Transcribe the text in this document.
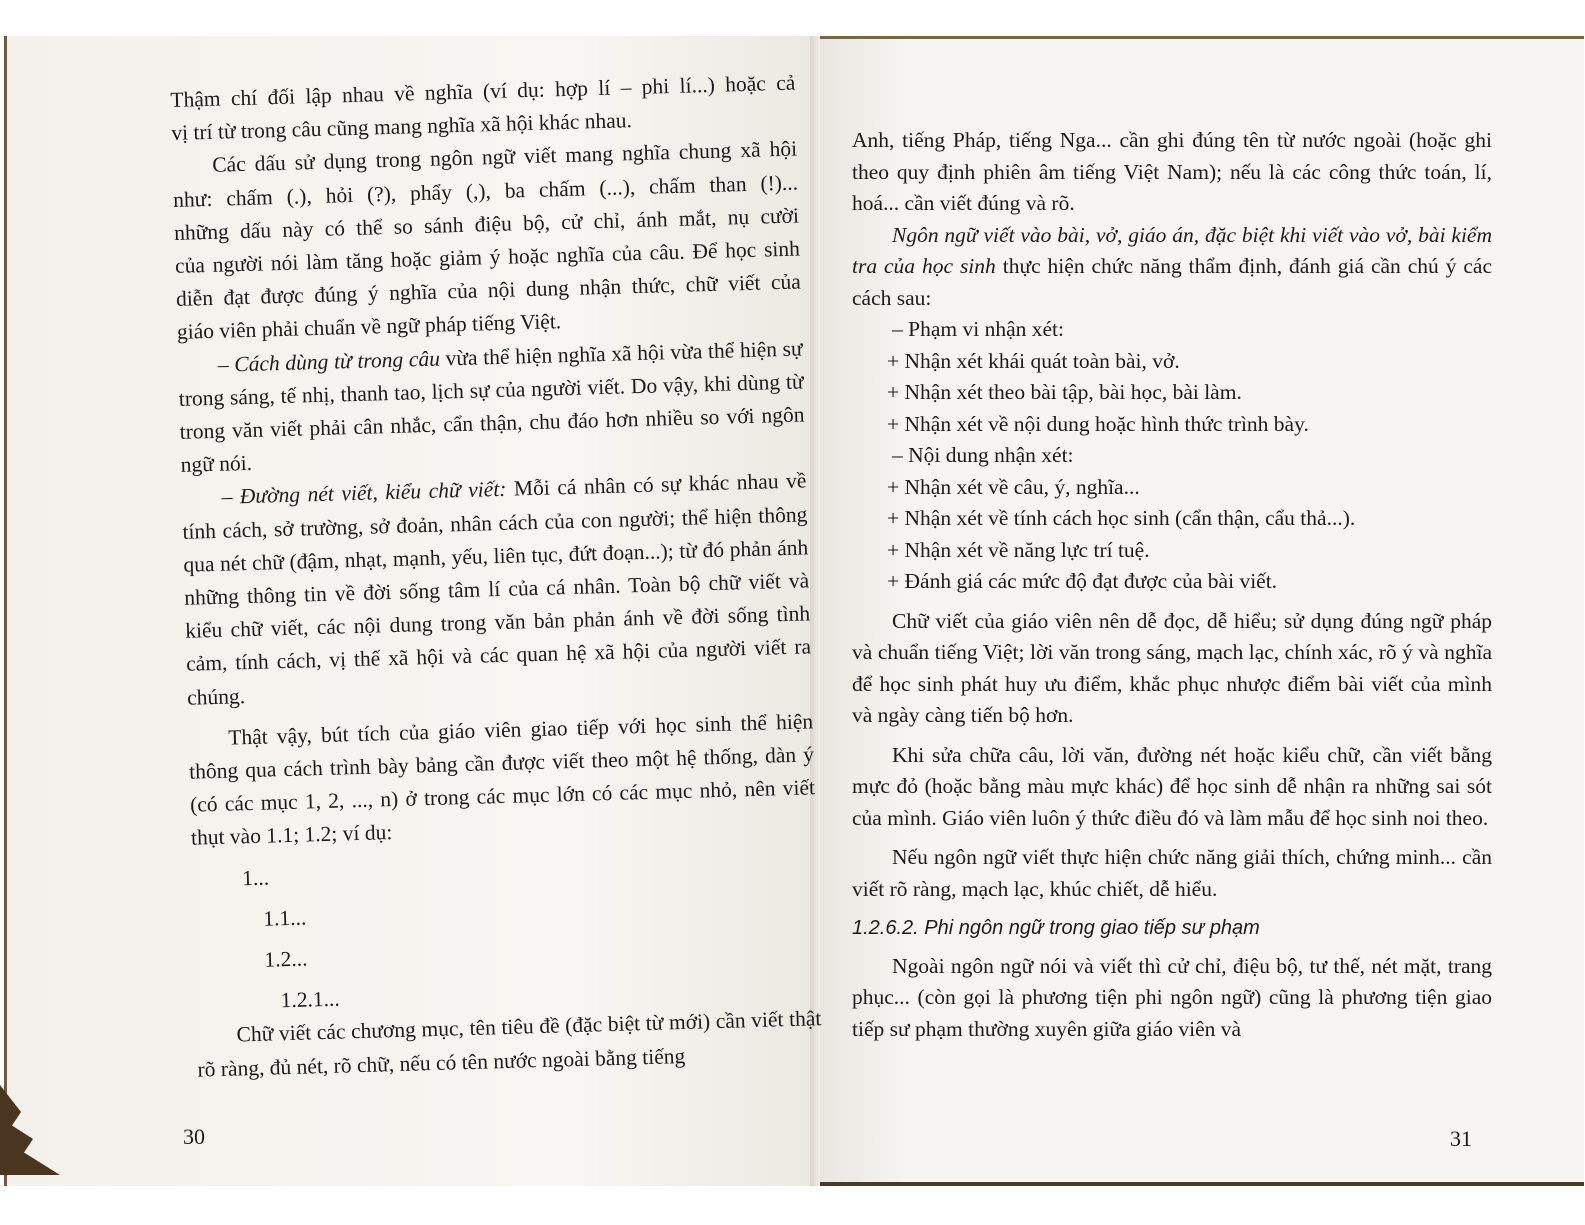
Thậm chí đối lập nhau về nghĩa (ví dụ: hợp lí – phi lí...) hoặc cả

vị trí từ trong câu cũng mang nghĩa xã hội khác nhau.

Các dấu sử dụng trong ngôn ngữ viết mang nghĩa chung xã hội

như: chấm (.), hỏi (?), phẩy (,), ba chấm (...), chấm than (!)...

những dấu này có thể so sánh điệu bộ, cử chỉ, ánh mắt, nụ cười

của người nói làm tăng hoặc giảm ý hoặc nghĩa của câu. Để học sinh

diễn đạt được đúng ý nghĩa của nội dung nhận thức, chữ viết của

giáo viên phải chuẩn về ngữ pháp tiếng Việt.

– Cách dùng từ trong câu vừa thể hiện nghĩa xã hội vừa thể hiện sự trong sáng, tế nhị, thanh tao, lịch sự của người viết. Do vậy, khi dùng từ trong văn viết phải cân nhắc, cẩn thận, chu đáo hơn nhiều so với ngôn ngữ nói.

– Đường nét viết, kiểu chữ viết: Mỗi cá nhân có sự khác nhau về tính cách, sở trường, sở đoản, nhân cách của con người; thể hiện thông qua nét chữ (đậm, nhạt, mạnh, yếu, liên tục, đứt đoạn...); từ đó phản ánh những thông tin về đời sống tâm lí của cá nhân. Toàn bộ chữ viết và kiểu chữ viết, các nội dung trong văn bản phản ánh về đời sống tình cảm, tính cách, vị thế xã hội và các quan hệ xã hội của người viết ra chúng.

Thật vậy, bút tích của giáo viên giao tiếp với học sinh thể hiện thông qua cách trình bày bảng cần được viết theo một hệ thống, dàn ý (có các mục 1, 2, ..., n) ở trong các mục lớn có các mục nhỏ, nên viết thụt vào 1.1; 1.2; ví dụ:

1...

1.1...

1.2...

1.2.1...

Chữ viết các chương mục, tên tiêu đề (đặc biệt từ mới) cần viết thật rõ ràng, đủ nét, rõ chữ, nếu có tên nước ngoài bằng tiếng

30

Anh, tiếng Pháp, tiếng Nga... cần ghi đúng tên từ nước ngoài (hoặc ghi theo quy định phiên âm tiếng Việt Nam); nếu là các công thức toán, lí, hoá... cần viết đúng và rõ.

Ngôn ngữ viết vào bài, vở, giáo án, đặc biệt khi viết vào vở, bài kiểm tra của học sinh thực hiện chức năng thẩm định, đánh giá cần chú ý các cách sau:

– Phạm vi nhận xét:

+ Nhận xét khái quát toàn bài, vở.

+ Nhận xét theo bài tập, bài học, bài làm.

+ Nhận xét về nội dung hoặc hình thức trình bày.

– Nội dung nhận xét:

+ Nhận xét về câu, ý, nghĩa...

+ Nhận xét về tính cách học sinh (cẩn thận, cẩu thả...).

+ Nhận xét về năng lực trí tuệ.

+ Đánh giá các mức độ đạt được của bài viết.

Chữ viết của giáo viên nên dễ đọc, dễ hiểu; sử dụng đúng ngữ pháp và chuẩn tiếng Việt; lời văn trong sáng, mạch lạc, chính xác, rõ ý và nghĩa để học sinh phát huy ưu điểm, khắc phục nhược điểm bài viết của mình và ngày càng tiến bộ hơn.

Khi sửa chữa câu, lời văn, đường nét hoặc kiểu chữ, cần viết bằng mực đỏ (hoặc bằng màu mực khác) để học sinh dễ nhận ra những sai sót của mình. Giáo viên luôn ý thức điều đó và làm mẫu để học sinh noi theo.

Nếu ngôn ngữ viết thực hiện chức năng giải thích, chứng minh... cần viết rõ ràng, mạch lạc, khúc chiết, dễ hiểu.

1.2.6.2. Phi ngôn ngữ trong giao tiếp sư phạm

Ngoài ngôn ngữ nói và viết thì cử chỉ, điệu bộ, tư thế, nét mặt, trang phục... (còn gọi là phương tiện phi ngôn ngữ) cũng là phương tiện giao tiếp sư phạm thường xuyên giữa giáo viên và

31
